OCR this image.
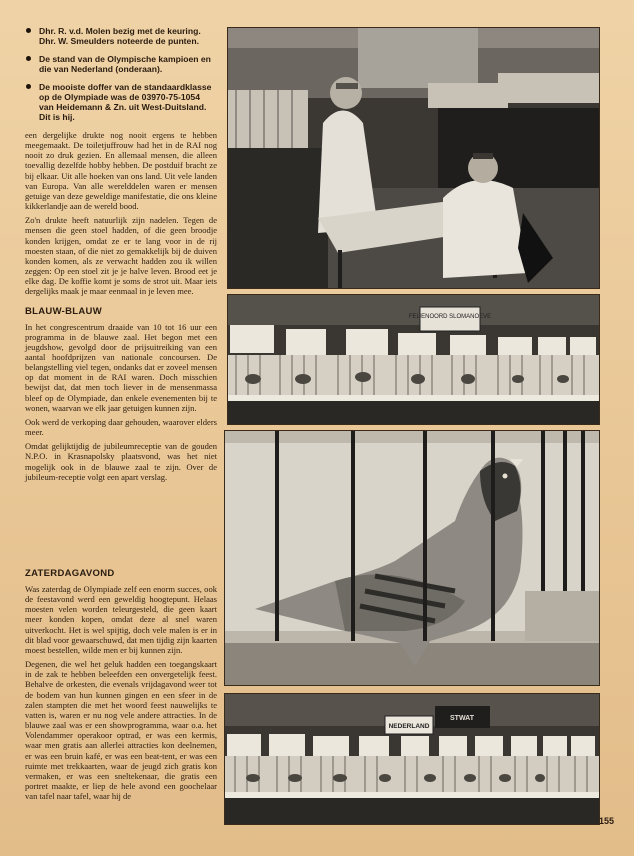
Dhr. R. v.d. Molen bezig met de keuring. Dhr. W. Smeulders noteerde de punten.
De stand van de Olympische kampioen en die van Nederland (onderaan).
De mooiste doffer van de standaardklasse op de Olympiade was de 03970-75-1054 van Heidemann & Zn. uit West-Duitsland. Dit is hij.

een dergelijke drukte nog nooit ergens te hebben meegemaakt. De toiletjuffrouw had het in de RAI nog nooit zo druk gezien. En allemaal mensen, die alleen toevallig dezelfde hobby hebben. De postduif bracht ze bij elkaar. Uit alle hoeken van ons land. Uit vele landen van Europa. Van alle werelddelen waren er mensen getuige van deze geweldige manifestatie, die ons kleine kikkerlandje aan de wereld bood.

Zo'n drukte heeft natuurlijk zijn nadelen. Tegen de mensen die geen stoel hadden, of die geen broodje konden krijgen, omdat ze er te lang voor in de rij moesten staan, of die niet zo gemakkelijk bij de duiven konden komen, als ze verwacht hadden zou ik willen zeggen: Op een stoel zit je je halve leven. Brood eet je elke dag. De koffie komt je soms de strot uit. Maar iets dergelijks maak je maar eenmaal in je leven mee.

BLAUW-BLAUW

In het congrescentrum draaide van 10 tot 16 uur een programma in de blauwe zaal. Het begon met een jeugdshow, gevolgd door de prijsuitreiking van een aantal hoofdprijzen van nationale concoursen. De belangstelling viel tegen, ondanks dat er zoveel mensen op dat moment in de RAI waren. Doch misschien bewijst dat, dat men toch liever in de mensenmassa bleef op de Olympiade, dan enkele evenementen bij te wonen, waarvan we elk jaar getuigen kunnen zijn.

Ook werd de verkoping daar gehouden, waarover elders meer.

Omdat gelijktijdig de jubileumreceptie van de gouden N.P.O. in Krasnapolsky plaatsvond, was het niet mogelijk ook in de blauwe zaal te zijn. Over de jubileum-receptie volgt een apart verslag.

ZATERDAGAVOND

Was zaterdag de Olympiade zelf een enorm succes, ook de feestavond werd een geweldig hoogtepunt. Helaas moesten velen worden teleurgesteld, die geen kaart meer konden kopen, omdat deze al snel waren uitverkocht. Het is wel spijtig, doch vele malen is er in dit blad voor gewaarschuwd, dat men tijdig zijn kaarten moest bestellen, wilde men er bij kunnen zijn.

Degenen, die wel het geluk hadden een toegangskaart in de zak te hebben beleefden een onvergetelijk feest. Behalve de orkesten, die evenals vrijdagavond weer tot de bodem van hun kunnen gingen en een sfeer in de zalen stampten die met het woord feest nauwelijks te vatten is, waren er nu nog vele andere attracties. In de blauwe zaal was er een showprogramma, waar o.a. het Volendammer operakoor optrad, er was een kermis, waar men gratis aan allerlei attracties kon deelnemen, er was een bruin kafé, er was een beat-tent, er was een ruimte met trekkaarten, waar de jeugd zich gratis kon vermaken, er was een sneltekenaar, die gratis een portret maakte, er liep de hele avond een goochelaar van tafel naar tafel, waar hij de

FEIJENOORD SLOMANOEVE
STWAT
NEDERLAND
155
